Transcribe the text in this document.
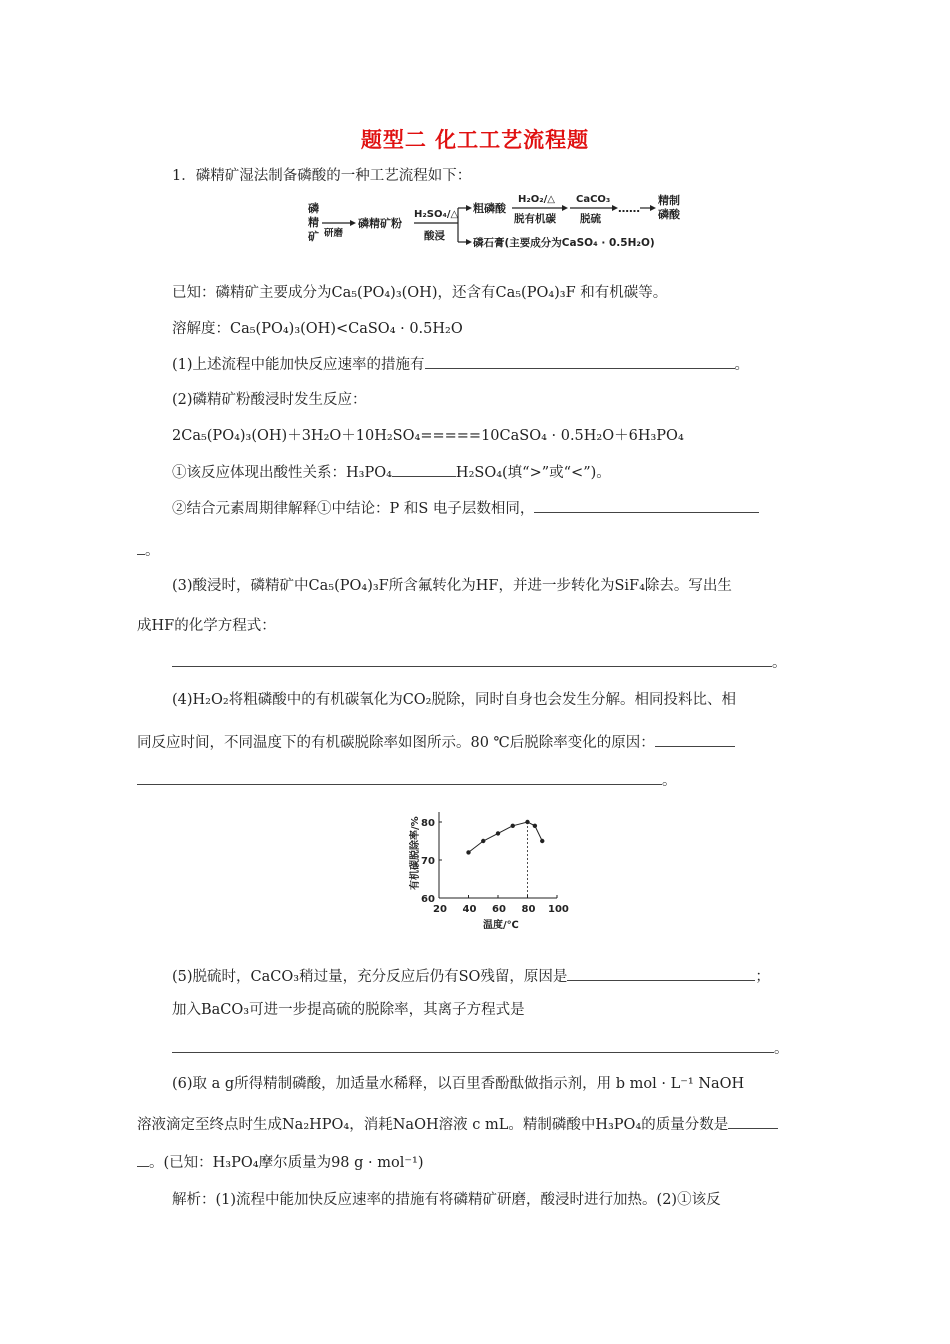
题型二 化工工艺流程题
1．磷精矿湿法制备磷酸的一种工艺流程如下：
磷
精
矿 研磨
磷精矿粉
H₂SO₄/△
酸浸
粗磷酸
H₂O₂/△
脱有机碳
CaCO₃
脱硫
……
精制
磷酸
磷石膏(主要成分为CaSO₄ · 0.5H₂O)
已知：磷精矿主要成分为Ca₅(PO₄)₃(OH)，还含有Ca₅(PO₄)₃F 和有机碳等。
溶解度：Ca₅(PO₄)₃(OH)<CaSO₄ · 0.5H₂O
(1)上述流程中能加快反应速率的措施有	。
(2)磷精矿粉酸浸时发生反应：
2Ca₅(PO₄)₃(OH)＋3H₂O＋10H₂SO₄=====10CaSO₄ · 0.5H₂O＋6H₃PO₄
①该反应体现出酸性关系：H₃PO₄	H₂SO₄(填“>”或“<”)。
②结合元素周期律解释①中结论：P 和S 电子层数相同，
。
(3)酸浸时，磷精矿中Ca₅(PO₄)₃F所含氟转化为HF，并进一步转化为SiF₄除去。写出生
成HF的化学方程式：
。
(4)H₂O₂将粗磷酸中的有机碳氧化为CO₂脱除，同时自身也会发生分解。相同投料比、相
同反应时间，不同温度下的有机碳脱除率如图所示。80 ℃后脱除率变化的原因：
。
有机碳脱除率/%
60
70
80
20 40 60 80 100
温度/℃
(5)脱硫时，CaCO₃稍过量，充分反应后仍有SO残留，原因是	；
加入BaCO₃可进一步提高硫的脱除率，其离子方程式是
。
(6)取 a g所得精制磷酸，加适量水稀释，以百里香酚酞做指示剂，用 b mol · L⁻¹ NaOH
溶液滴定至终点时生成Na₂HPO₄，消耗NaOH溶液 c mL。精制磷酸中H₃PO₄的质量分数是
。(已知：H₃PO₄摩尔质量为98 g · mol⁻¹)
解析：(1)流程中能加快反应速率的措施有将磷精矿研磨，酸浸时进行加热。(2)①该反
